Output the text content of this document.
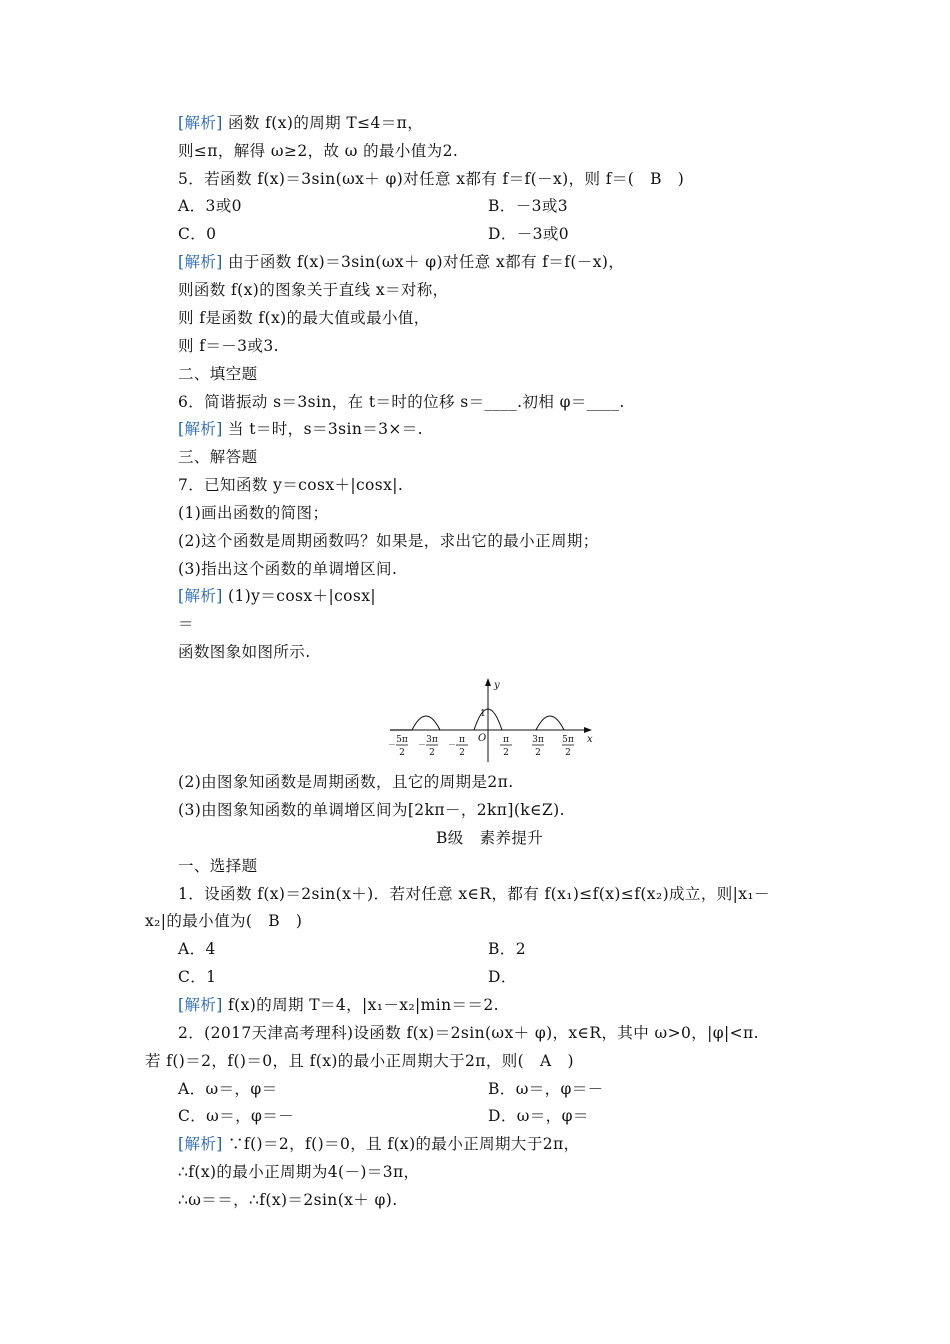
[解析] 函数 f(x)的周期 T≤4＝π，
则≤π，解得 ω≥2，故 ω 的最小值为2.
5．若函数 f(x)＝3sin(ωx＋ φ)对任意 x都有 f＝f(－x)，则 f＝(　B　)
A．3或0
C．0
[解析] 由于函数 f(x)＝3sin(ωx＋ φ)对任意 x都有 f＝f(－x)，
则函数 f(x)的图象关于直线 x＝对称，
则 f是函数 f(x)的最大值或最小值，
则 f＝－3或3.
二、填空题
6．简谐振动 s＝3sin，在 t＝时的位移 s＝____.初相 φ＝____.
[解析] 当 t＝时，s＝3sin＝3×＝.
三、解答题
7．已知函数 y＝cosx＋|cosx|.
(1)画出函数的简图；
(2)这个函数是周期函数吗？如果是，求出它的最小正周期；
(3)指出这个函数的单调增区间.
[解析] (1)y＝cosx＋|cosx|
＝
函数图象如图所示.
(2)由图象知函数是周期函数，且它的周期是2π.
(3)由图象知函数的单调增区间为[2kπ－，2kπ](k∈Z).
B级　素养提升
一、选择题
1．设函数 f(x)＝2sin(x＋)．若对任意 x∈R，都有 f(x₁)≤f(x)≤f(x₂)成立，则|x₁－
x₂|的最小值为(　B　)
A．4
C．1
[解析] f(x)的周期 T＝4，|x₁－x₂|min＝＝2.
2．(2017天津高考理科)设函数 f(x)＝2sin(ωx＋ φ)，x∈R，其中 ω>0，|φ|<π.
若 f()＝2，f()＝0，且 f(x)的最小正周期大于2π，则(　A　)
A．ω＝，φ＝
C．ω＝，φ＝－
[解析] ∵f()＝2，f()＝0，且 f(x)的最小正周期大于2π，
∴f(x)的最小正周期为4(－)＝3π，
∴ω＝＝，∴f(x)＝2sin(x＋ φ).
B．－3或3
D．－3或0
B．2
D．
B．ω＝，φ＝－
D．ω＝，φ＝
y
x
1
O
－ 5π
2
－ 3π
2
－ π
2
π
2
3π
2
5π
2
